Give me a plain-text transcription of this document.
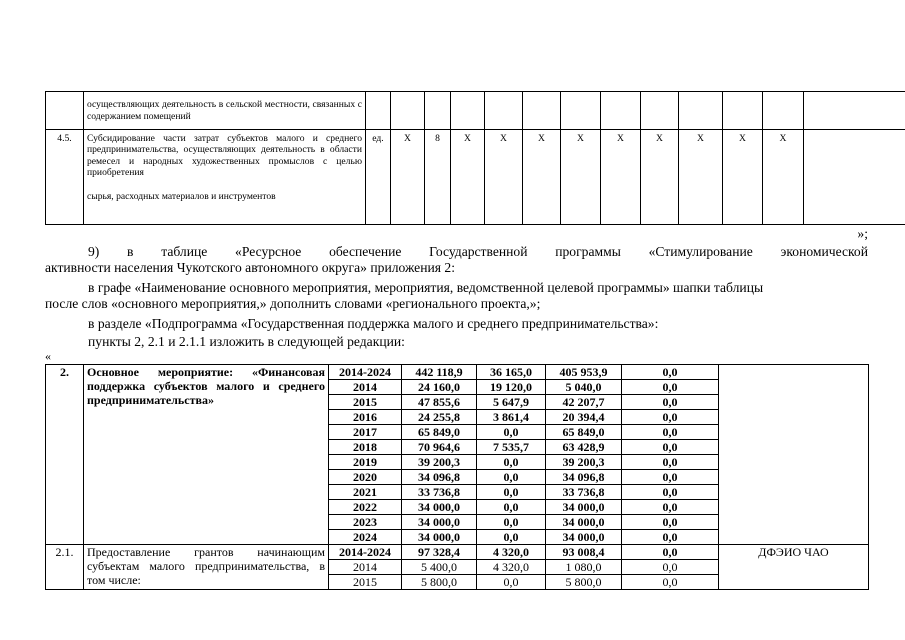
	осуществляющих деятельность в сельской местности, связанных с содержанием помещений													
4.5.	Субсидирование части затрат субъектов малого и среднего предпринимательства, осуществляющих деятельность в области ремесел и народных художественных промыслов с целью приобретения
сырья, расходных материалов и инструментов	ед.	Х	8	Х	Х	Х	Х	Х	Х	Х	Х	Х	
»;
9) в таблице «Ресурсное обеспечение Государственной программы «Стимулирование экономической
активности населения Чукотского автономного округа» приложения 2:
в графе «Наименование основного мероприятия, мероприятия, ведомственной целевой программы» шапки таблицы
после слов «основного мероприятия,» дополнить словами «регионального проекта,»;
в разделе «Подпрограмма «Государственная поддержка малого и среднего предпринимательства»:
пункты 2, 2.1 и 2.1.1 изложить в следующей редакции:
«
2.	Основное мероприятие: «Финансовая поддержка субъектов малого и среднего предпринимательства»	2014-2024	442 118,9	36 165,0	405 953,9	0,0	
		2014	24 160,0	19 120,0	5 040,0	0,0	
		2015	47 855,6	5 647,9	42 207,7	0,0	
		2016	24 255,8	3 861,4	20 394,4	0,0	
		2017	65 849,0	0,0	65 849,0	0,0	
		2018	70 964,6	7 535,7	63 428,9	0,0	
		2019	39 200,3	0,0	39 200,3	0,0	
		2020	34 096,8	0,0	34 096,8	0,0	
		2021	33 736,8	0,0	33 736,8	0,0	
		2022	34 000,0	0,0	34 000,0	0,0	
		2023	34 000,0	0,0	34 000,0	0,0	
		2024	34 000,0	0,0	34 000,0	0,0	
2.1.	Предоставление грантов начинающим субъектам малого предпринимательства, в том числе:	2014-2024	97 328,4	4 320,0	93 008,4	0,0	ДФЭИО ЧАО
		2014	5 400,0	4 320,0	1 080,0	0,0	
		2015	5 800,0	0,0	5 800,0	0,0	
